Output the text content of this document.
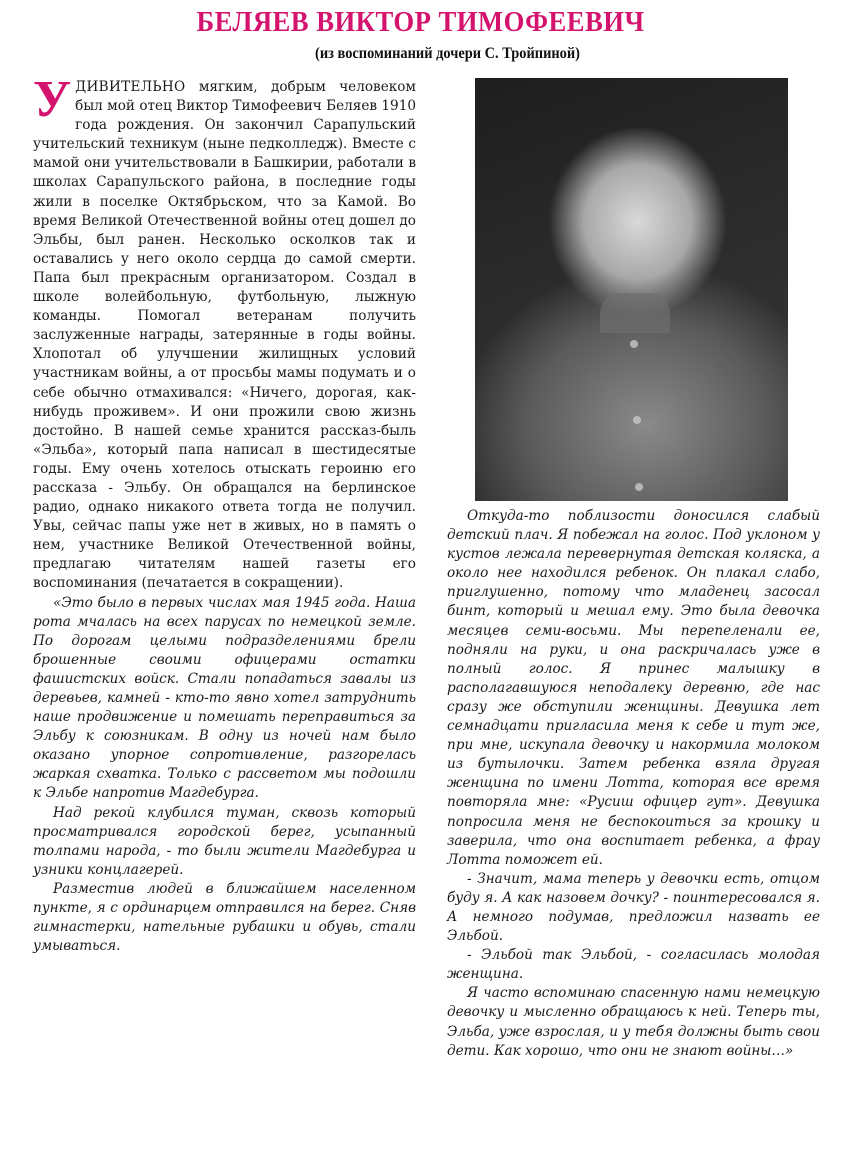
БЕЛЯЕВ ВИКТОР ТИМОФЕЕВИЧ
(из воспоминаний дочери С. Тройпиной)

УДИВИТЕЛЬНО мягким, добрым человеком был мой отец Виктор Тимофеевич Беляев 1910 года рождения. Он закончил Сарапульский учительский техникум (ныне педколледж). Вместе с мамой они учительствовали в Башкирии, работали в школах Сарапульского района, в последние годы жили в поселке Октябрьском, что за Камой. Во время Великой Отечественной войны отец дошел до Эльбы, был ранен. Несколько осколков так и оставались у него около сердца до самой смерти. Папа был прекрасным организатором. Создал в школе волейбольную, футбольную, лыжную команды. Помогал ветеранам получить заслуженные награды, затерянные в годы войны. Хлопотал об улучшении жилищных условий участникам войны, а от просьбы мамы подумать и о себе обычно отмахивался: «Ничего, дорогая, как-нибудь проживем». И они прожили свою жизнь достойно. В нашей семье хранится рассказ-быль «Эльба», который папа написал в шестидесятые годы. Ему очень хотелось отыскать героиню его рассказа - Эльбу. Он обращался на берлинское радио, однако никакого ответа тогда не получил. Увы, сейчас папы уже нет в живых, но в память о нем, участнике Великой Отечественной войны, предлагаю читателям нашей газеты его воспоминания (печатается в сокращении).

«Это было в первых числах мая 1945 года. Наша рота мчалась на всех парусах по немецкой земле. По дорогам целыми подразделениями брели брошенные своими офицерами остатки фашистских войск. Стали попадаться завалы из деревьев, камней - кто-то явно хотел затруднить наше продвижение и помешать переправиться за Эльбу к союзникам. В одну из ночей нам было оказано упорное сопротивление, разгорелась жаркая схватка. Только с рассветом мы подошли к Эльбе напротив Магдебурга.

Над рекой клубился туман, сквозь который просматривался городской берег, усыпанный толпами народа, - то были жители Магдебурга и узники концлагерей.

Разместив людей в ближайшем населенном пункте, я с ординарцем отправился на берег. Сняв гимнастерки, нательные рубашки и обувь, стали умываться.

Откуда-то поблизости доносился слабый детский плач. Я побежал на голос. Под уклоном у кустов лежала перевернутая детская коляска, а около нее находился ребенок. Он плакал слабо, приглушенно, потому что младенец засосал бинт, который и мешал ему. Это была девочка месяцев семи-восьми. Мы перепеленали ее, подняли на руки, и она раскричалась уже в полный голос. Я принес малышку в располагавшуюся неподалеку деревню, где нас сразу же обступили женщины. Девушка лет семнадцати пригласила меня к себе и тут же, при мне, искупала девочку и накормила молоком из бутылочки. Затем ребенка взяла другая женщина по имени Лотта, которая все время повторяла мне: «Русиш офицер гут». Девушка попросила меня не беспокоиться за крошку и заверила, что она воспитает ребенка, а фрау Лотта поможет ей.

- Значит, мама теперь у девочки есть, отцом буду я. А как назовем дочку? - поинтересовался я. А немного подумав, предложил назвать ее Эльбой.

- Эльбой так Эльбой, - согласилась молодая женщина.

Я часто вспоминаю спасенную нами немецкую девочку и мысленно обращаюсь к ней. Теперь ты, Эльба, уже взрослая, и у тебя должны быть свои дети. Как хорошо, что они не знают войны…»
